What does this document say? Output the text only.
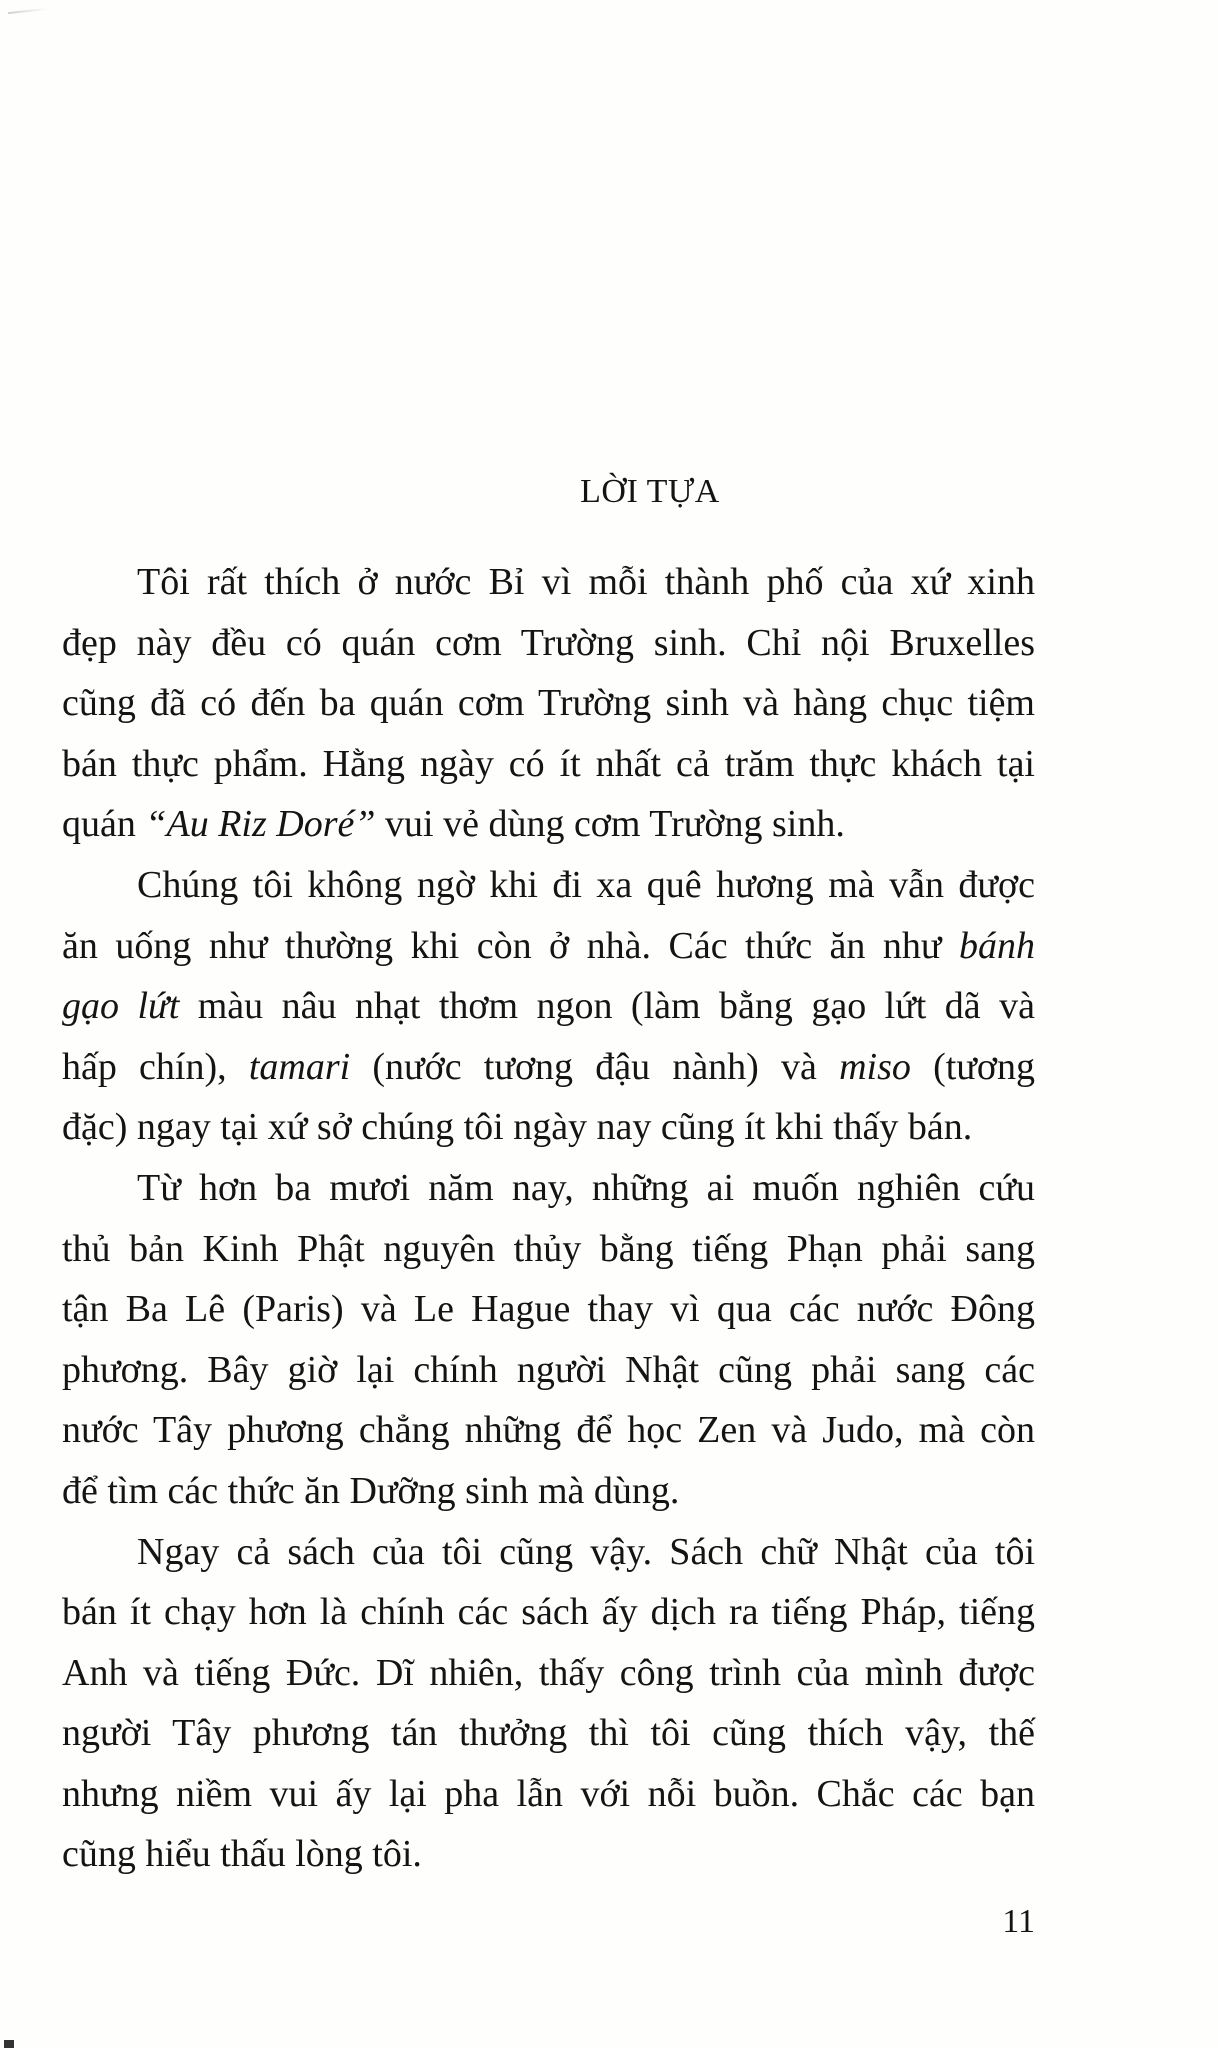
LỜI TỰA
Tôi rất thích ở nước Bỉ vì mỗi thành phố của xứ xinh
đẹp này đều có quán cơm Trường sinh. Chỉ nội Bruxelles
cũng đã có đến ba quán cơm Trường sinh và hàng chục tiệm
bán thực phẩm. Hằng ngày có ít nhất cả trăm thực khách tại
quán “Au Riz Doré” vui vẻ dùng cơm Trường sinh.
Chúng tôi không ngờ khi đi xa quê hương mà vẫn được
ăn uống như thường khi còn ở nhà. Các thức ăn như bánh
gạo lứt màu nâu nhạt thơm ngon (làm bằng gạo lứt dã và
hấp chín), tamari (nước tương đậu nành) và miso (tương
đặc) ngay tại xứ sở chúng tôi ngày nay cũng ít khi thấy bán.
Từ hơn ba mươi năm nay, những ai muốn nghiên cứu
thủ bản Kinh Phật nguyên thủy bằng tiếng Phạn phải sang
tận Ba Lê (Paris) và Le Hague thay vì qua các nước Đông
phương. Bây giờ lại chính người Nhật cũng phải sang các
nước Tây phương chẳng những để học Zen và Judo, mà còn
để tìm các thức ăn Dưỡng sinh mà dùng.
Ngay cả sách của tôi cũng vậy. Sách chữ Nhật của tôi
bán ít chạy hơn là chính các sách ấy dịch ra tiếng Pháp, tiếng
Anh và tiếng Đức. Dĩ nhiên, thấy công trình của mình được
người Tây phương tán thưởng thì tôi cũng thích vậy, thế
nhưng niềm vui ấy lại pha lẫn với nỗi buồn. Chắc các bạn
cũng hiểu thấu lòng tôi.
11
